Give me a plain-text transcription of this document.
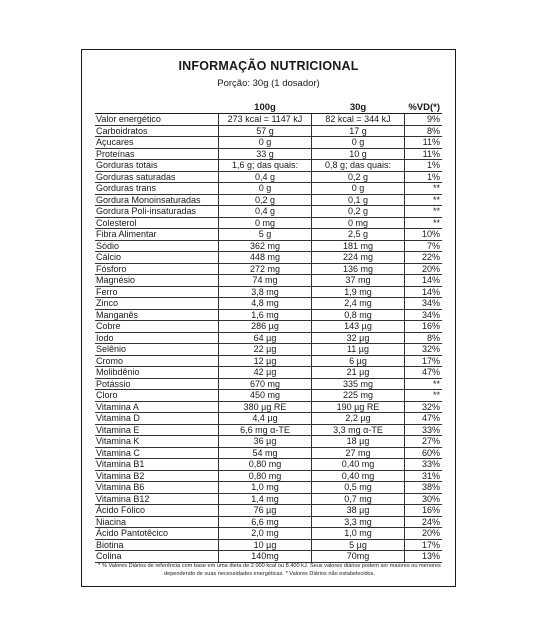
INFORMAÇÃO NUTRICIONAL
Porção: 30g (1 dosador)
	100g	30g	%VD(*)
Valor energético	273 kcal = 1147 kJ	82 kcal = 344 kJ	9%
Carboidratos	57 g	17 g	8%
Açucares	0 g	0 g	11%
Proteínas	33 g	10 g	11%
Gorduras totais	1,6 g; das quais:	0,8 g; das quais:	1%
Gorduras saturadas	0,4 g	0,2 g	1%
Gorduras trans	0 g	0 g	**
Gordura Monoinsaturadas	0,2 g	0,1 g	**
Gordura Poli-insaturadas	0,4 g	0,2 g	**
Colesterol	0 mg	0 mg	**
Fibra Alimentar	5 g	2,5 g	10%
Sódio	362 mg	181 mg	7%
Cálcio	448 mg	224 mg	22%
Fósforo	272 mg	136 mg	20%
Magnésio	74 mg	37 mg	14%
Ferro	3,8 mg	1,9 mg	14%
Zinco	4,8 mg	2,4 mg	34%
Manganês	1,6 mg	0,8 mg	34%
Cobre	286 µg	143 µg	16%
Iodo	64 µg	32 µg	8%
Selênio	22 µg	11 µg	32%
Cromo	12 µg	6 µg	17%
Molibdênio	42 µg	21 µg	47%
Potássio	670 mg	335 mg	**
Cloro	450 mg	225 mg	**
Vitamina A	380 µg RE	190 µg RE	32%
Vitamina D	4,4 µg	2,2 µg	47%
Vitamina E	6,6 mg α-TE	3,3 mg α-TE	33%
Vitamina K	36 µg	18 µg	27%
Vitamina C	54 mg	27 mg	60%
Vitamina B1	0,80 mg	0,40 mg	33%
Vitamina B2	0,80 mg	0,40 mg	31%
Vitamina B6	1,0 mg	0,5 mg	38%
Vitamina B12	1,4 mg	0,7 mg	30%
Ácido Fólico	76 µg	38 µg	16%
Niacina	6,6 mg	3,3 mg	24%
Ácido Pantotêcico	2,0 mg	1,0 mg	20%
Biotina	10 µg	5 µg	17%
Colina	140mg	70mg	13%
* % Valores Diários de referência com base em uma dieta de 2.000 kcal ou 8.400 kJ. Seus valores diários podem ser maiores ou menores dependendo de suas necessidades energéticas. * Valores Diários não estabelecidos.
